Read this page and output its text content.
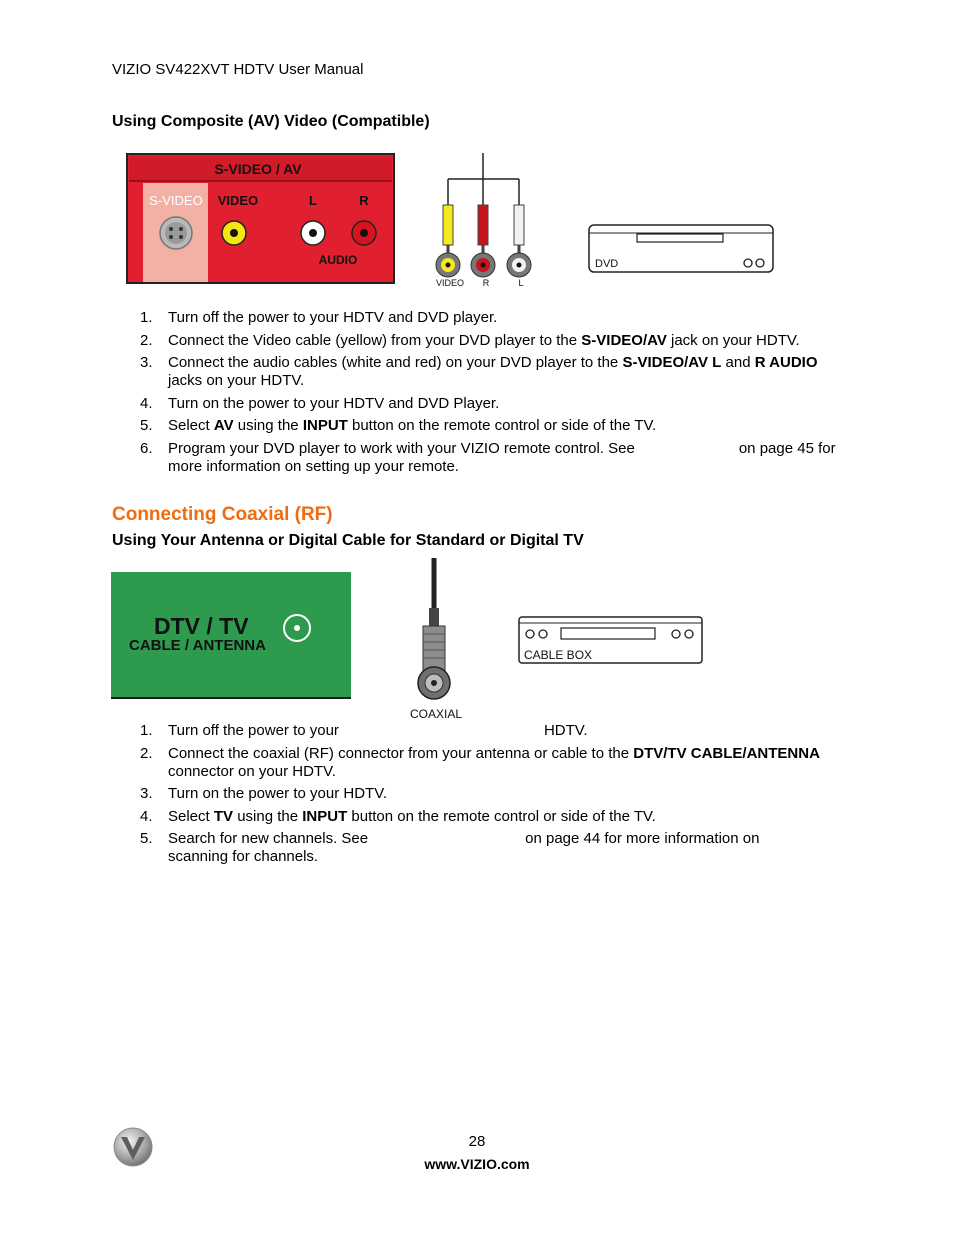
VIZIO SV422XVT HDTV User Manual
Using Composite (AV) Video (Compatible)
S-VIDEO / AV
S-VIDEO VIDEO	L	R
AUDIO
VIDEO R	L
DVD
1.	Turn off the power to your HDTV and DVD player.
2.	Connect the Video cable (yellow) from your DVD player to the S-VIDEO/AV jack on your HDTV.
3.	Connect the audio cables (white and red) on your DVD player to the S-VIDEO/AV L and R AUDIO jacks on your HDTV.
4.	Turn on the power to your HDTV and DVD Player.
5.	Select AV using the INPUT button on the remote control or side of the TV.
6.	Program your DVD player to work with your VIZIO remote control. See	on page 45 for more information on setting up your remote.
Connecting Coaxial (RF)
Using Your Antenna or Digital Cable for Standard or Digital TV
DTV / TV
CABLE / ANTENNA
COAXIAL
CABLE BOX
1.	Turn off the power to your	HDTV.
2.	Connect the coaxial (RF) connector from your antenna or cable to the DTV/TV CABLE/ANTENNA connector on your HDTV.
3.	Turn on the power to your HDTV.
4.	Select TV using the INPUT button on the remote control or side of the TV.
5.	Search for new channels. See	on page 44 for more information on scanning for channels.
28
www.VIZIO.com
